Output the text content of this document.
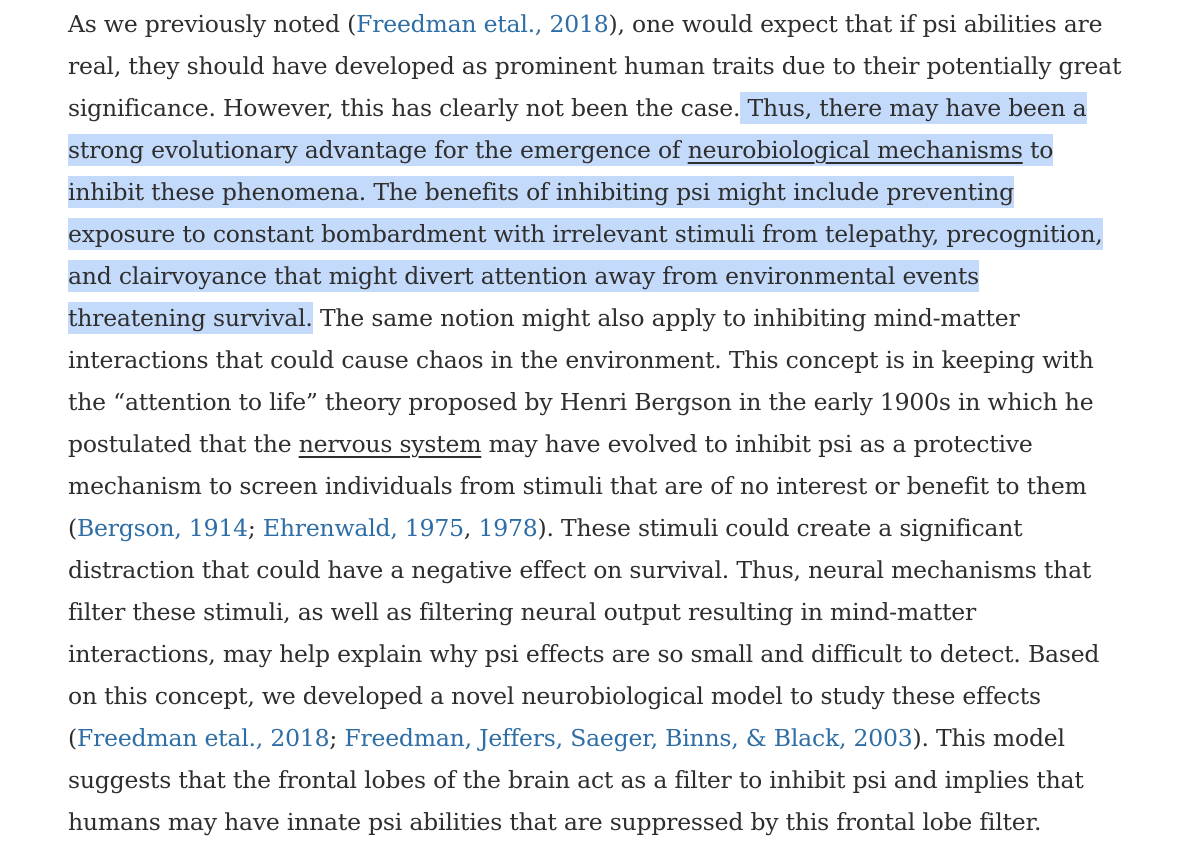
As we previously noted (Freedman etal., 2018), one would expect that if psi abilities are
real, they should have developed as prominent human traits due to their potentially great
significance. However, this has clearly not been the case. Thus, there may have been a
strong evolutionary advantage for the emergence of neurobiological mechanisms to
inhibit these phenomena. The benefits of inhibiting psi might include preventing
exposure to constant bombardment with irrelevant stimuli from telepathy, precognition,
and clairvoyance that might divert attention away from environmental events
threatening survival. The same notion might also apply to inhibiting mind-matter
interactions that could cause chaos in the environment. This concept is in keeping with
the “attention to life” theory proposed by Henri Bergson in the early 1900s in which he
postulated that the nervous system may have evolved to inhibit psi as a protective
mechanism to screen individuals from stimuli that are of no interest or benefit to them
(Bergson, 1914; Ehrenwald, 1975, 1978). These stimuli could create a significant
distraction that could have a negative effect on survival. Thus, neural mechanisms that
filter these stimuli, as well as filtering neural output resulting in mind-matter
interactions, may help explain why psi effects are so small and difficult to detect. Based
on this concept, we developed a novel neurobiological model to study these effects
(Freedman etal., 2018; Freedman, Jeffers, Saeger, Binns, & Black, 2003). This model
suggests that the frontal lobes of the brain act as a filter to inhibit psi and implies that
humans may have innate psi abilities that are suppressed by this frontal lobe filter.
